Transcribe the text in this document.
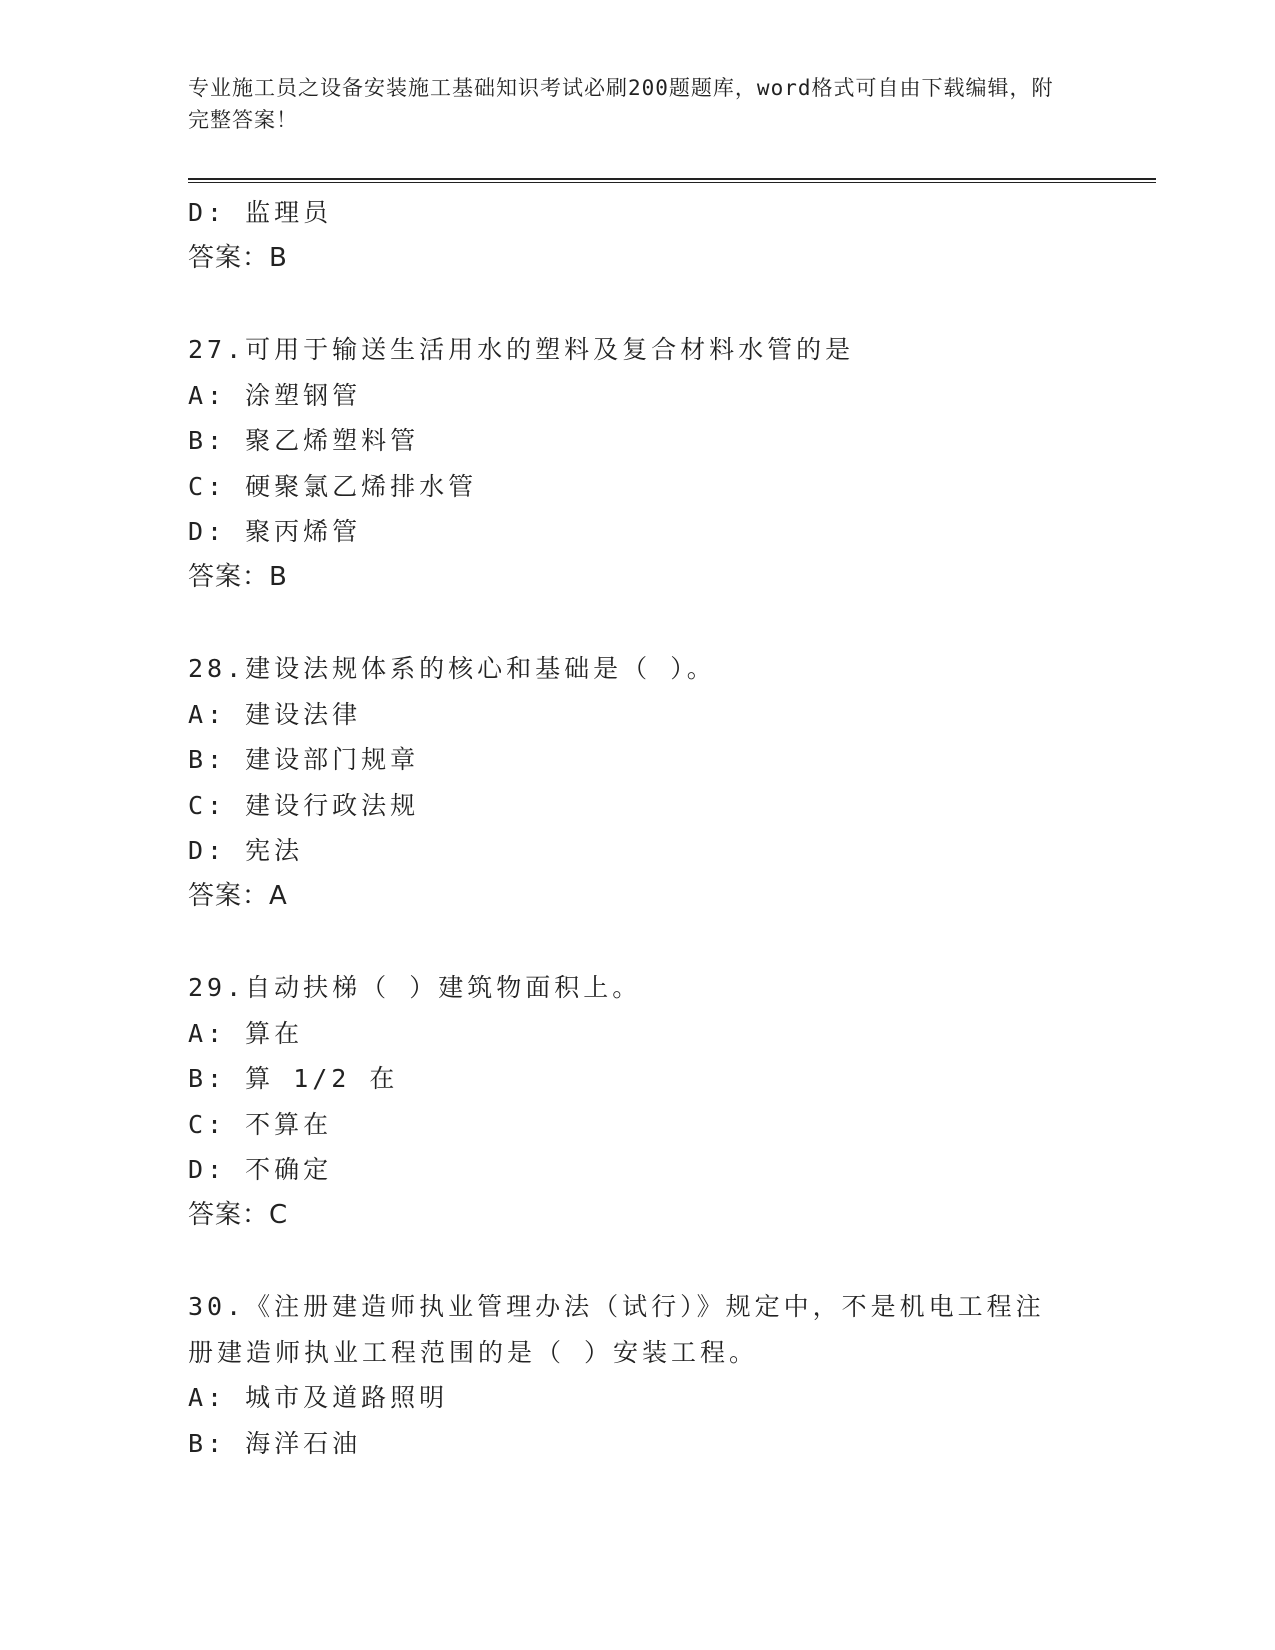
专业施工员之设备安装施工基础知识考试必刷200题题库，word格式可自由下载编辑，附完整答案！
D: 监理员
答案：B
27.可用于输送生活用水的塑料及复合材料水管的是
A: 涂塑钢管
B: 聚乙烯塑料管
C: 硬聚氯乙烯排水管
D: 聚丙烯管
答案：B
28.建设法规体系的核心和基础是（ ）。
A: 建设法律
B: 建设部门规章
C: 建设行政法规
D: 宪法
答案：A
29.自动扶梯（ ）建筑物面积上。
A: 算在
B: 算 1/2 在
C: 不算在
D: 不确定
答案：C
30.《注册建造师执业管理办法（试行）》规定中，不是机电工程注册建造师执业工程范围的是（ ）安装工程。
A: 城市及道路照明
B: 海洋石油
